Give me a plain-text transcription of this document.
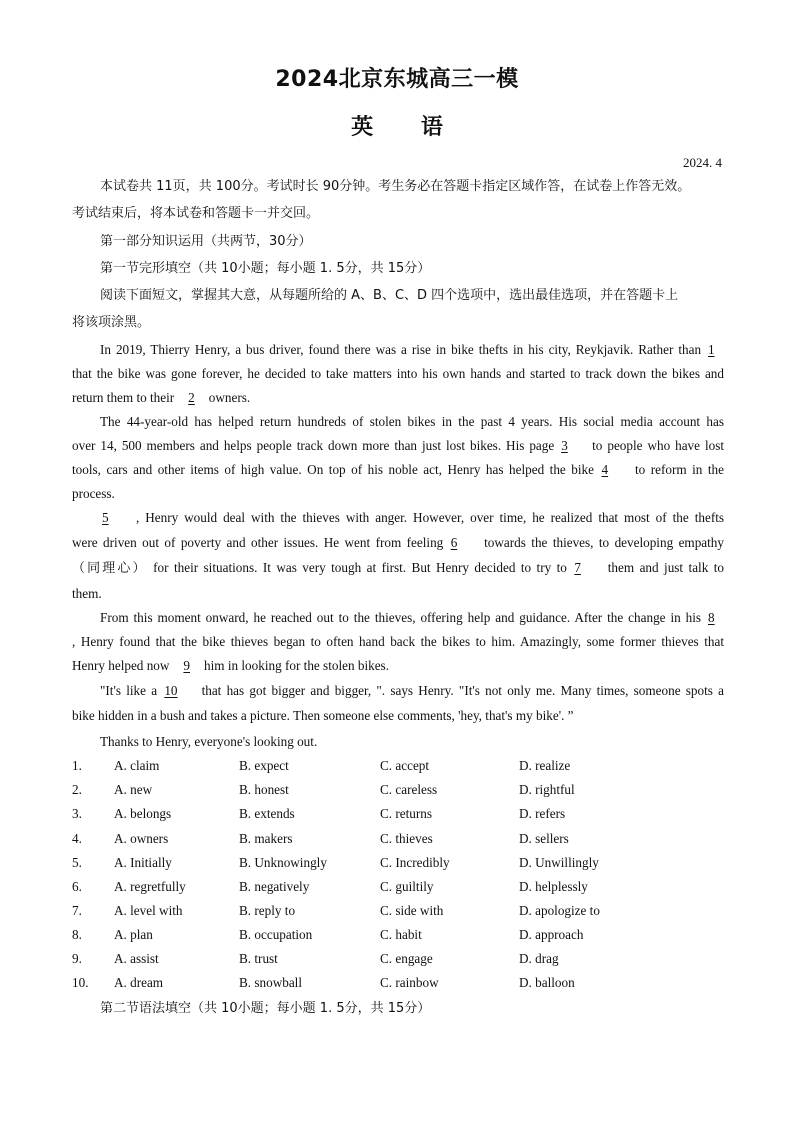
2024北京东城高三一模
英 语
2024. 4
本试卷共 11页，共 100分。考试时长 90分钟。考生务必在答题卡指定区域作答，在试卷上作答无效。
考试结束后，将本试卷和答题卡一并交回。
第一部分知识运用（共两节，30分）
第一节完形填空（共 10小题；每小题 1. 5分，共 15分）
阅读下面短文，掌握其大意，从每题所给的 A、B、C、D 四个选项中，选出最佳选项，并在答题卡上
将该项涂黑。
In 2019, Thierry Henry, a bus driver, found there was a rise in bike thefts in his city, Reykjavik. Rather than 1
that the bike was gone forever, he decided to take matters into his own hands and started to track down the bikes and
return them to their 2 owners.
The 44-year-old has helped return hundreds of stolen bikes in the past 4 years. His social media account has
over 14, 500 members and helps people track down more than just lost bikes. His page 3 to people who have lost
tools, cars and other items of high value. On top of his noble act, Henry has helped the bike 4 to reform in the
process.
5 , Henry would deal with the thieves with anger. However, over time, he realized that most of the thefts
were driven out of poverty and other issues. He went from feeling 6 towards the thieves, to developing empathy
（同理心） for their situations. It was very tough at first. But Henry decided to try to 7 them and just talk to
them.
From this moment onward, he reached out to the thieves, offering help and guidance. After the change in his 8
, Henry found that the bike thieves began to often hand back the bikes to him. Amazingly, some former thieves that
Henry helped now 9 him in looking for the stolen bikes.
"It's like a 10 that has got bigger and bigger, ". says Henry. "It's not only me. Many times, someone spots a
bike hidden in a bush and takes a picture. Then someone else comments, 'hey, that's my bike'. ”
Thanks to Henry, everyone's looking out.
1. A. claim	B. expect	C. accept	D. realize
2. A. new	B. honest	C. careless	D. rightful
3. A. belongs	B. extends	C. returns	D. refers
4. A. owners	B. makers	C. thieves	D. sellers
5. A. Initially	B. Unknowingly	C. Incredibly	D. Unwillingly
6. A. regretfully	B. negatively	C. guiltily	D. helplessly
7. A. level with	B. reply to	C. side with	D. apologize to
8. A. plan	B. occupation	C. habit	D. approach
9. A. assist	B. trust	C. engage	D. drag
10. A. dream	B. snowball	C. rainbow	D. balloon
第二节语法填空（共 10小题；每小题 1. 5分，共 15分）
